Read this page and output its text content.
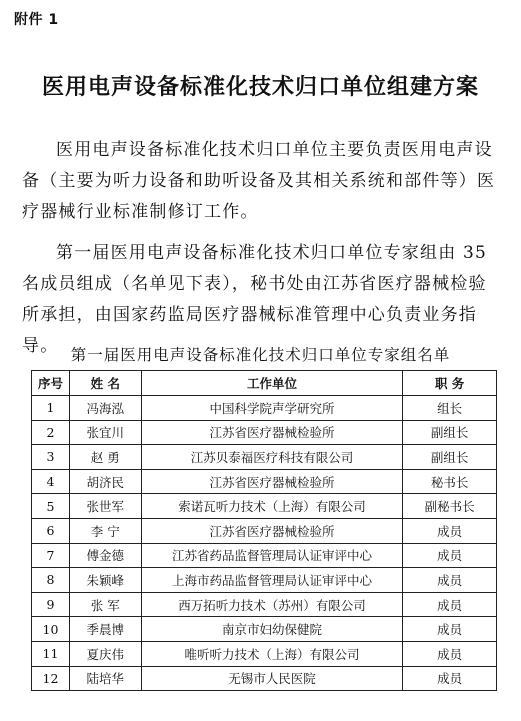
附件 1
医用电声设备标准化技术归口单位组建方案

医用电声设备标准化技术归口单位主要负责医用电声设备（主要为听力设备和助听设备及其相关系统和部件等）医疗器械行业标准制修订工作。

第一届医用电声设备标准化技术归口单位专家组由 35 名成员组成（名单见下表），秘书处由江苏省医疗器械检验所承担，由国家药监局医疗器械标准管理中心负责业务指导。 第一届医用电声设备标准化技术归口单位专家组名单
序号	姓 名	工作单位	职 务
1	冯海泓	中国科学院声学研究所	组长
2	张宜川	江苏省医疗器械检验所	副组长
3	赵 勇	江苏贝泰福医疗科技有限公司	副组长
4	胡济民	江苏省医疗器械检验所	秘书长
5	张世军	索诺瓦听力技术（上海）有限公司	副秘书长
6	李 宁	江苏省医疗器械检验所	成员
7	傅金德	江苏省药品监督管理局认证审评中心	成员
8	朱颖峰	上海市药品监督管理局认证审评中心	成员
9	张 军	西万拓听力技术（苏州）有限公司	成员
10	季晨博	南京市妇幼保健院	成员
11	夏庆伟	唯听听力技术（上海）有限公司	成员
12	陆培华	无锡市人民医院	成员
